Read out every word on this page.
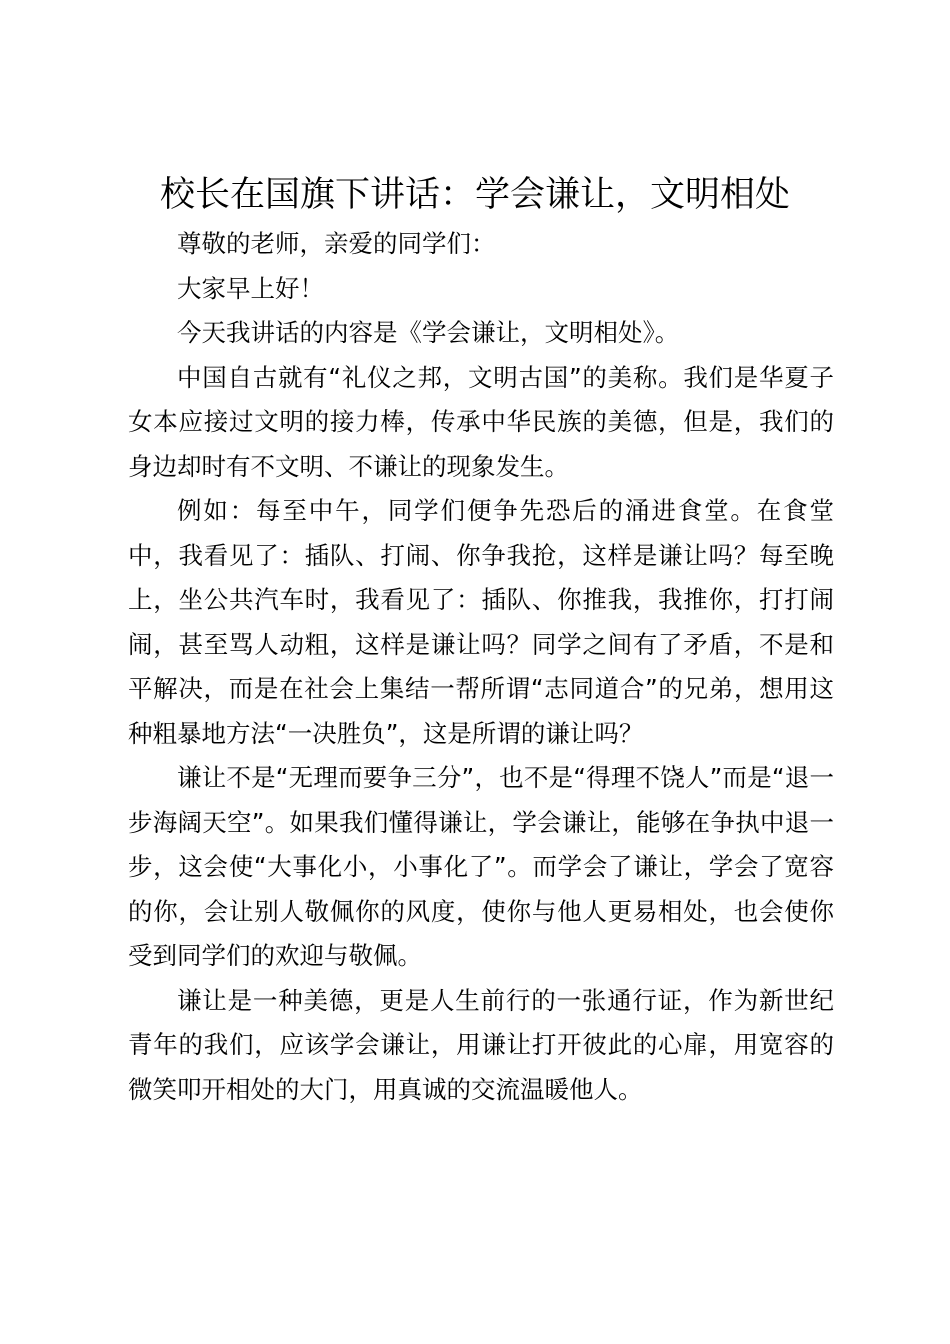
校长在国旗下讲话：学会谦让，文明相处

尊敬的老师，亲爱的同学们：

大家早上好！

今天我讲话的内容是《学会谦让，文明相处》。

中国自古就有“礼仪之邦，文明古国”的美称。我们是华夏子女本应接过文明的接力棒，传承中华民族的美德，但是，我们的身边却时有不文明、不谦让的现象发生。

例如：每至中午，同学们便争先恐后的涌进食堂。在食堂中，我看见了：插队、打闹、你争我抢，这样是谦让吗？每至晚上，坐公共汽车时，我看见了：插队、你推我，我推你，打打闹闹，甚至骂人动粗，这样是谦让吗？同学之间有了矛盾，不是和平解决，而是在社会上集结一帮所谓“志同道合”的兄弟，想用这种粗暴地方法“一决胜负”，这是所谓的谦让吗？

谦让不是“无理而要争三分”，也不是“得理不饶人”而是“退一步海阔天空”。如果我们懂得谦让，学会谦让，能够在争执中退一步，这会使“大事化小，小事化了”。而学会了谦让，学会了宽容的你，会让别人敬佩你的风度，使你与他人更易相处，也会使你受到同学们的欢迎与敬佩。

谦让是一种美德，更是人生前行的一张通行证，作为新世纪青年的我们，应该学会谦让，用谦让打开彼此的心扉，用宽容的微笑叩开相处的大门，用真诚的交流温暖他人。
